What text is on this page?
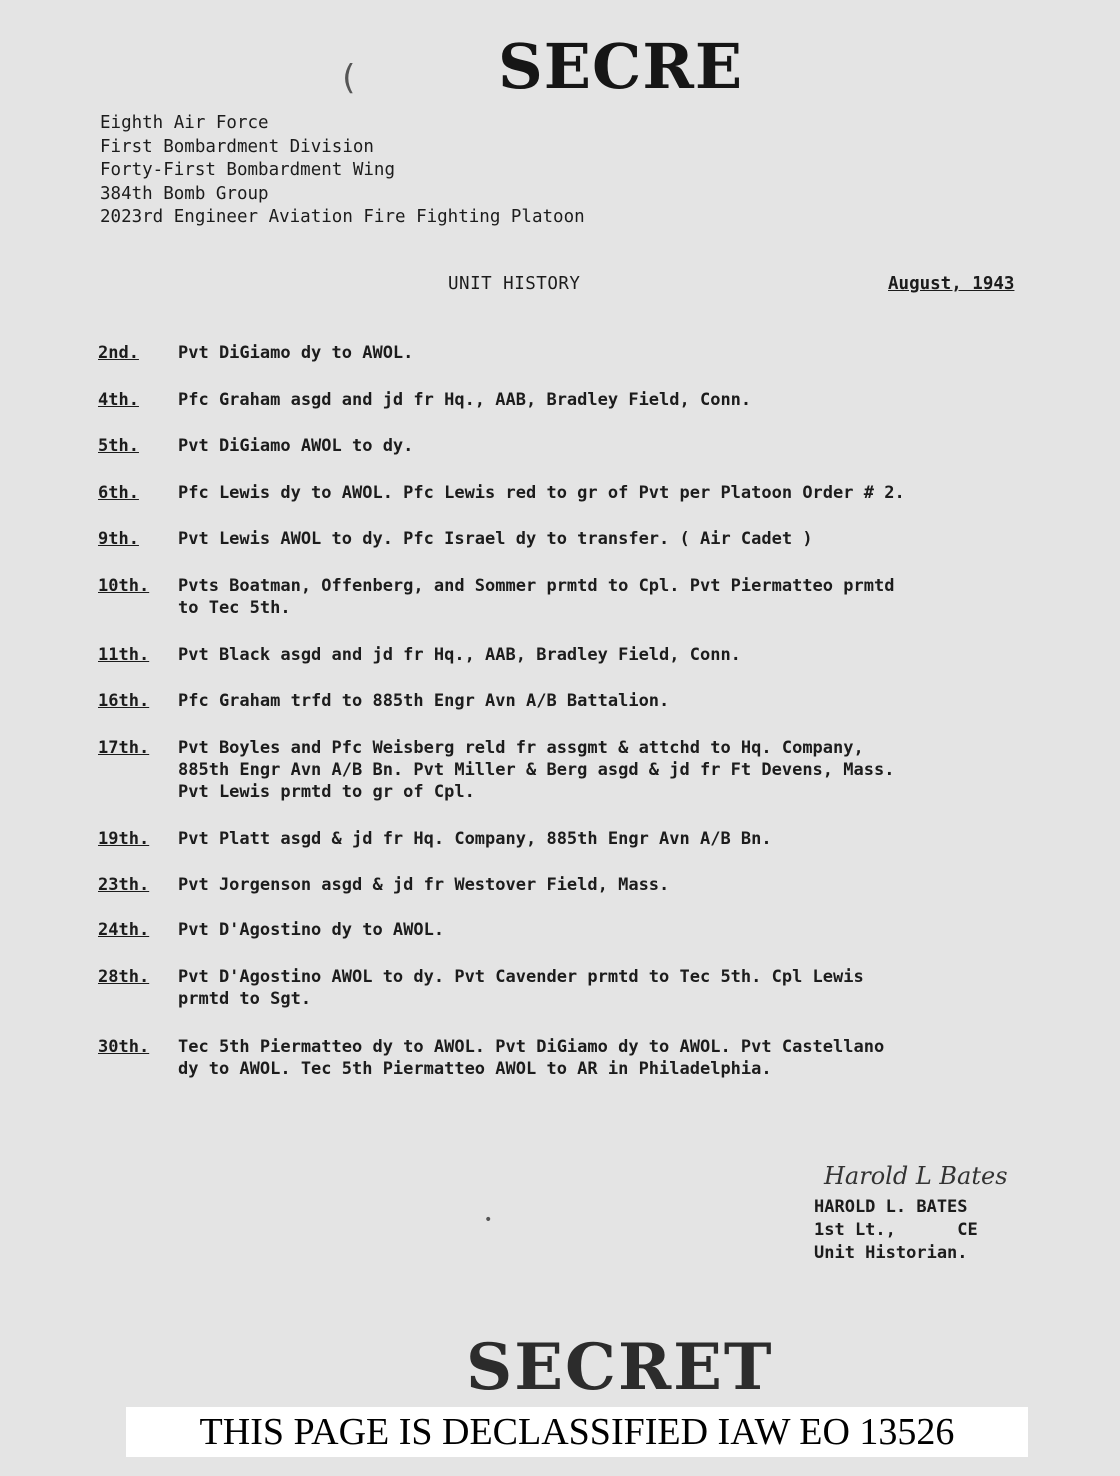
SECRE
(
Eighth Air Force
First Bombardment Division
Forty-First Bombardment Wing
384th Bomb Group
2023rd Engineer Aviation Fire Fighting Platoon
UNIT HISTORY	August, 1943
2nd.	Pvt DiGiamo dy to AWOL.
4th.	Pfc Graham asgd and jd fr Hq., AAB, Bradley Field, Conn.
5th.	Pvt DiGiamo AWOL to dy.
6th.	Pfc Lewis dy to AWOL. Pfc Lewis red to gr of Pvt per Platoon Order # 2.
9th.	Pvt Lewis AWOL to dy. Pfc Israel dy to transfer. ( Air Cadet )
10th.	Pvts Boatman, Offenberg, and Sommer prmtd to Cpl. Pvt Piermatteo prmtd
to Tec 5th.
11th.	Pvt Black asgd and jd fr Hq., AAB, Bradley Field, Conn.
16th.	Pfc Graham trfd to 885th Engr Avn A/B Battalion.
17th.	Pvt Boyles and Pfc Weisberg reld fr assgmt & attchd to Hq. Company,
885th Engr Avn A/B Bn. Pvt Miller & Berg asgd & jd fr Ft Devens, Mass.
Pvt Lewis prmtd to gr of Cpl.
19th.	Pvt Platt asgd & jd fr Hq. Company, 885th Engr Avn A/B Bn.
23th.	Pvt Jorgenson asgd & jd fr Westover Field, Mass.
24th.	Pvt D'Agostino dy to AWOL.
28th.	Pvt D'Agostino AWOL to dy. Pvt Cavender prmtd to Tec 5th. Cpl Lewis
prmtd to Sgt.
30th.	Tec 5th Piermatteo dy to AWOL. Pvt DiGiamo dy to AWOL. Pvt Castellano
dy to AWOL. Tec 5th Piermatteo AWOL to AR in Philadelphia.
Harold L Bates
HAROLD L. BATES
1st Lt.,      CE
Unit Historian.
•
SECRET
THIS PAGE IS DECLASSIFIED IAW EO 13526
